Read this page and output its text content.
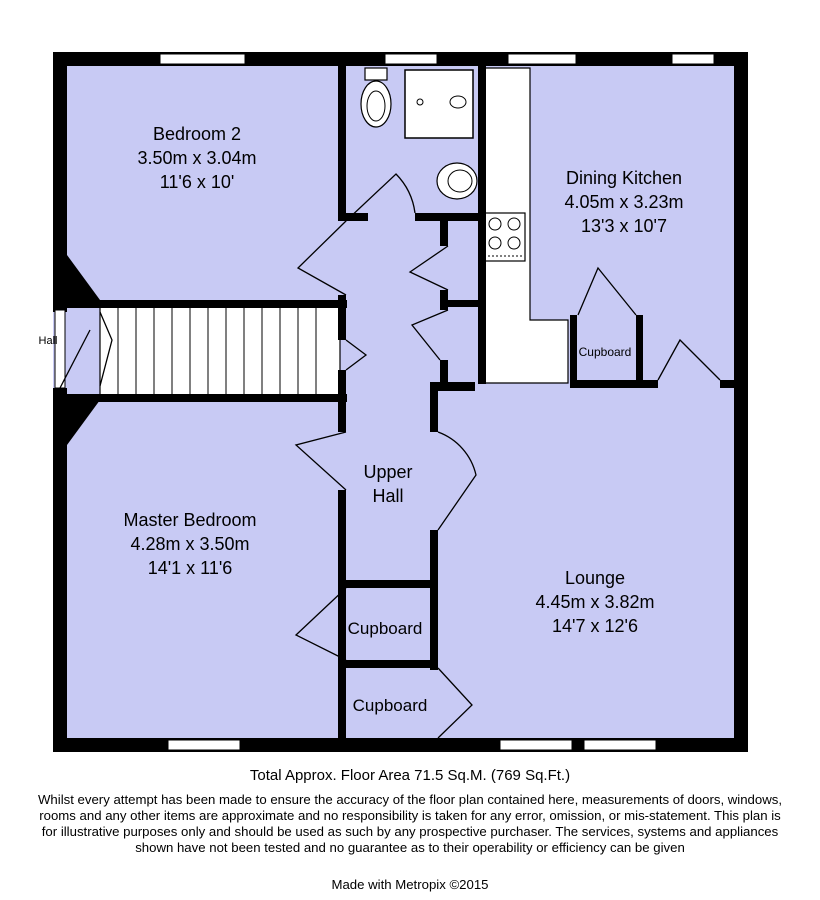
Bedroom 2
3.50m x 3.04m
11'6 x 10'	Dining Kitchen
4.05m x 3.23m
13'3 x 10'7
Cupboard
Hall
Upper
Hall
Master Bedroom
4.28m x 3.50m
14'1 x 11'6	Lounge
4.45m x 3.82m
14'7 x 12'6
Cupboard
Cupboard
Total Approx. Floor Area 71.5 Sq.M. (769 Sq.Ft.)
Whilst every attempt has been made to ensure the accuracy of the floor plan contained here, measurements of doors, windows, rooms and any other items are approximate and no responsibility is taken for any error, omission, or mis-statement. This plan is for illustrative purposes only and should be used as such by any prospective purchaser. The services, systems and appliances shown have not been tested and no guarantee as to their operability or efficiency can be given
Made with Metropix ©2015
